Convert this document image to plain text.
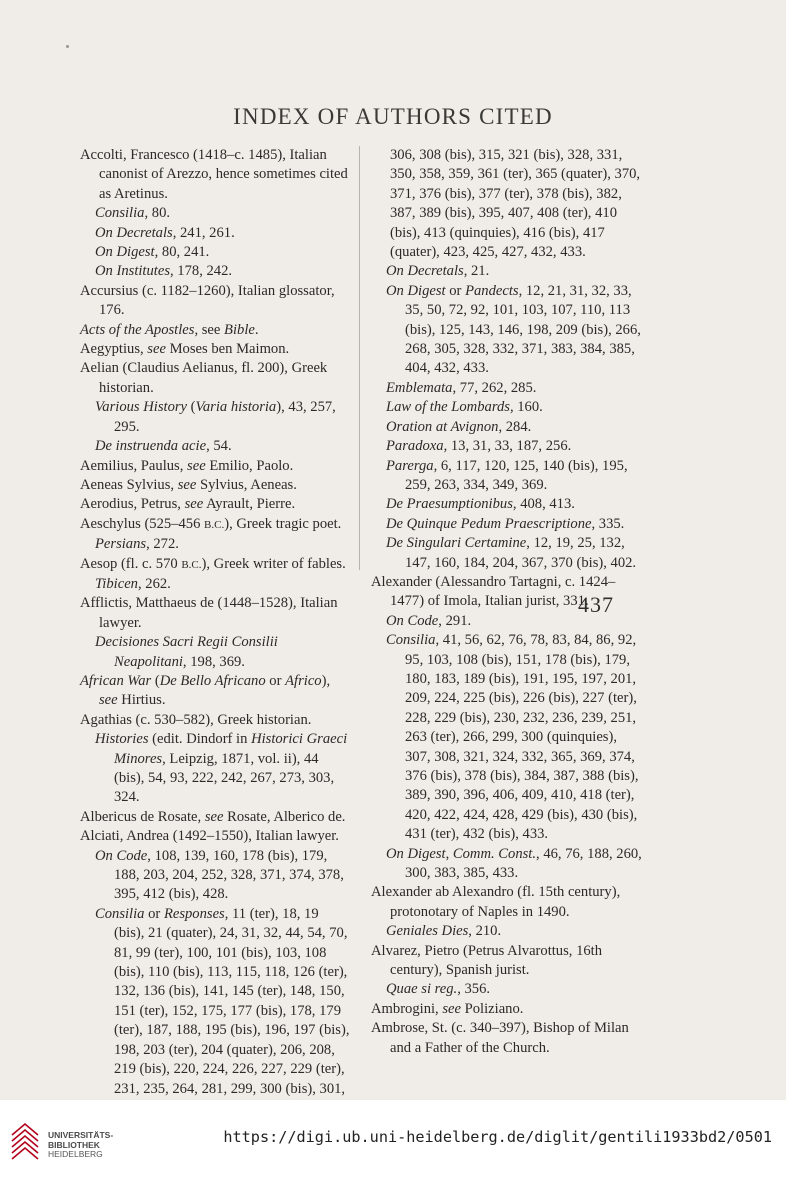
INDEX OF AUTHORS CITED

Accolti, Francesco (1418–c. 1485), Italian canonist of Arezzo, hence sometimes cited as Aretinus.

Consilia, 80.

On Decretals, 241, 261.

On Digest, 80, 241.

On Institutes, 178, 242.

Accursius (c. 1182–1260), Italian glossator, 176.

Acts of the Apostles, see Bible.

Aegyptius, see Moses ben Maimon.

Aelian (Claudius Aelianus, fl. 200), Greek historian.

Various History (Varia historia), 43, 257, 295.

De instruenda acie, 54.

Aemilius, Paulus, see Emilio, Paolo.

Aeneas Sylvius, see Sylvius, Aeneas.

Aerodius, Petrus, see Ayrault, Pierre.

Aeschylus (525–456 B.C.), Greek tragic poet.

Persians, 272.

Aesop (fl. c. 570 B.C.), Greek writer of fables.

Tibicen, 262.

Afflictis, Matthaeus de (1448–1528), Italian lawyer.

Decisiones Sacri Regii Consilii Neapolitani, 198, 369.

African War (De Bello Africano or Africo), see Hirtius.

Agathias (c. 530–582), Greek historian.

Histories (edit. Dindorf in Historici Graeci Minores, Leipzig, 1871, vol. ii), 44 (bis), 54, 93, 222, 242, 267, 273, 303, 324.

Albericus de Rosate, see Rosate, Alberico de.

Alciati, Andrea (1492–1550), Italian lawyer.

On Code, 108, 139, 160, 178 (bis), 179, 188, 203, 204, 252, 328, 371, 374, 378, 395, 412 (bis), 428.

Consilia or Responses, 11 (ter), 18, 19 (bis), 21 (quater), 24, 31, 32, 44, 54, 70, 81, 99 (ter), 100, 101 (bis), 103, 108 (bis), 110 (bis), 113, 115, 118, 126 (ter), 132, 136 (bis), 141, 145 (ter), 148, 150, 151 (ter), 152, 175, 177 (bis), 178, 179 (ter), 187, 188, 195 (bis), 196, 197 (bis), 198, 203 (ter), 204 (quater), 206, 208, 219 (bis), 220, 224, 226, 227, 229 (ter), 231, 235, 264, 281, 299, 300 (bis), 301,

306, 308 (bis), 315, 321 (bis), 328, 331, 350, 358, 359, 361 (ter), 365 (quater), 370, 371, 376 (bis), 377 (ter), 378 (bis), 382, 387, 389 (bis), 395, 407, 408 (ter), 410 (bis), 413 (quinquies), 416 (bis), 417 (quater), 423, 425, 427, 432, 433.

On Decretals, 21.

On Digest or Pandects, 12, 21, 31, 32, 33, 35, 50, 72, 92, 101, 103, 107, 110, 113 (bis), 125, 143, 146, 198, 209 (bis), 266, 268, 305, 328, 332, 371, 383, 384, 385, 404, 432, 433.

Emblemata, 77, 262, 285.

Law of the Lombards, 160.

Oration at Avignon, 284.

Paradoxa, 13, 31, 33, 187, 256.

Parerga, 6, 117, 120, 125, 140 (bis), 195, 259, 263, 334, 349, 369.

De Praesumptionibus, 408, 413.

De Quinque Pedum Praescriptione, 335.

De Singulari Certamine, 12, 19, 25, 132, 147, 160, 184, 204, 367, 370 (bis), 402.

Alexander (Alessandro Tartagni, c. 1424–1477) of Imola, Italian jurist, 331.

On Code, 291.

Consilia, 41, 56, 62, 76, 78, 83, 84, 86, 92, 95, 103, 108 (bis), 151, 178 (bis), 179, 180, 183, 189 (bis), 191, 195, 197, 201, 209, 224, 225 (bis), 226 (bis), 227 (ter), 228, 229 (bis), 230, 232, 236, 239, 251, 263 (ter), 266, 299, 300 (quinquies), 307, 308, 321, 324, 332, 365, 369, 374, 376 (bis), 378 (bis), 384, 387, 388 (bis), 389, 390, 396, 406, 409, 410, 418 (ter), 420, 422, 424, 428, 429 (bis), 430 (bis), 431 (ter), 432 (bis), 433.

On Digest, Comm. Const., 46, 76, 188, 260, 300, 383, 385, 433.

Alexander ab Alexandro (fl. 15th century), protonotary of Naples in 1490.

Geniales Dies, 210.

Alvarez, Pietro (Petrus Alvarottus, 16th century), Spanish jurist.

Quae si reg., 356.

Ambrogini, see Poliziano.

Ambrose, St. (c. 340–397), Bishop of Milan and a Father of the Church.

437
UNIVERSITÄTS-
BIBLIOTHEK
HEIDELBERG
https://digi.ub.uni-heidelberg.de/diglit/gentili1933bd2/0501
